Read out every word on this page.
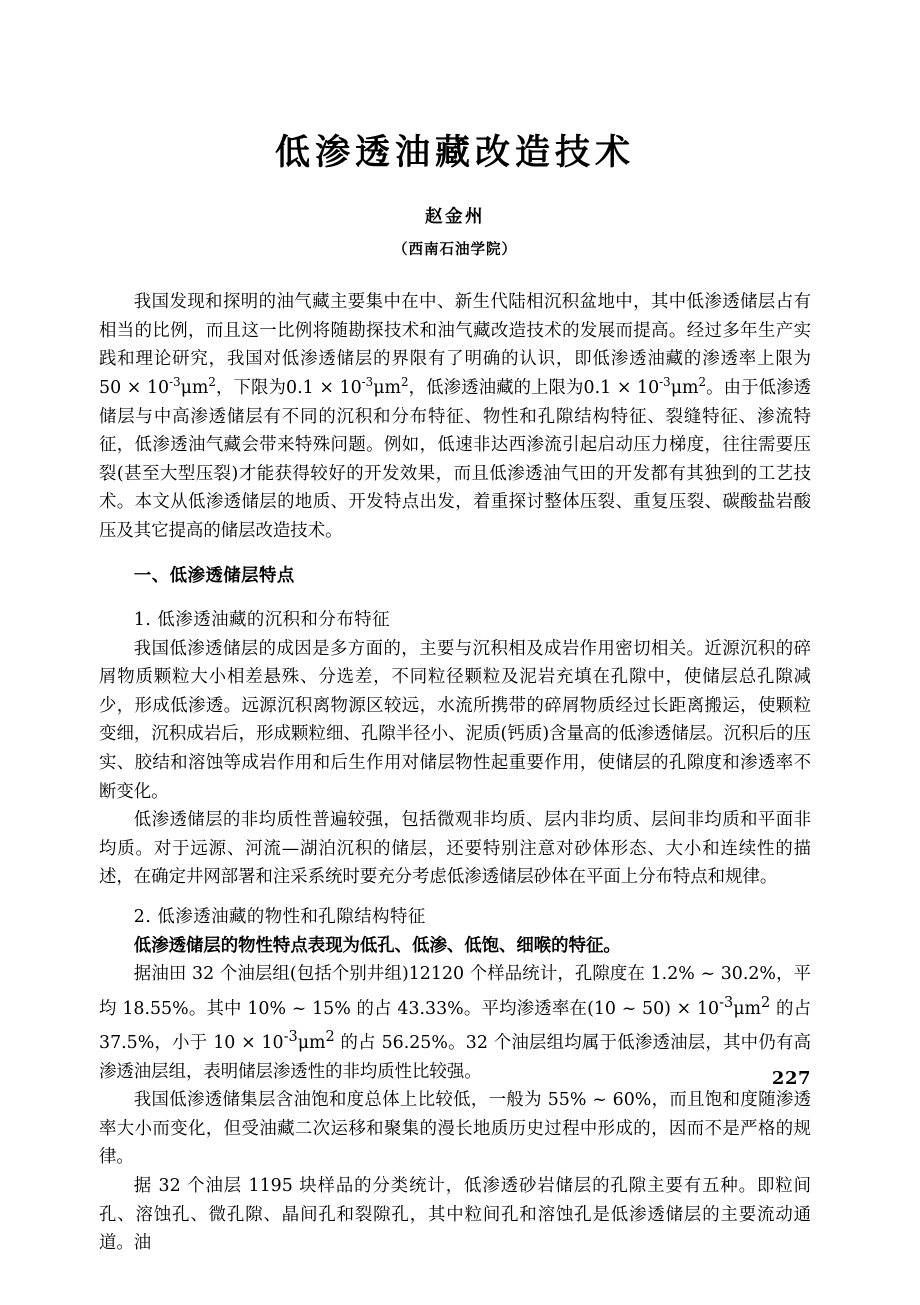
低渗透油藏改造技术
赵金州
（西南石油学院）

我国发现和探明的油气藏主要集中在中、新生代陆相沉积盆地中，其中低渗透储层占有相当的比例，而且这一比例将随勘探技术和油气藏改造技术的发展而提高。经过多年生产实践和理论研究，我国对低渗透储层的界限有了明确的认识，即低渗透油藏的渗透率上限为$50 \times 10^{-3}\mu m^2$，下限为$0.1 \times 10^{-3}\mu m^2$，低渗透油藏的上限为$0.1 \times 10^{-3}\mu m^2$。由于低渗透储层与中高渗透储层有不同的沉积和分布特征、物性和孔隙结构特征、裂缝特征、渗流特征，低渗透油气藏会带来特殊问题。例如，低速非达西渗流引起启动压力梯度，往往需要压裂(甚至大型压裂)才能获得较好的开发效果，而且低渗透油气田的开发都有其独到的工艺技术。本文从低渗透储层的地质、开发特点出发，着重探讨整体压裂、重复压裂、碳酸盐岩酸压及其它提高的储层改造技术。

一、低渗透储层特点

1. 低渗透油藏的沉积和分布特征

我国低渗透储层的成因是多方面的，主要与沉积相及成岩作用密切相关。近源沉积的碎屑物质颗粒大小相差悬殊、分选差，不同粒径颗粒及泥岩充填在孔隙中，使储层总孔隙减少，形成低渗透。远源沉积离物源区较远，水流所携带的碎屑物质经过长距离搬运，使颗粒变细，沉积成岩后，形成颗粒细、孔隙半径小、泥质(钙质)含量高的低渗透储层。沉积后的压实、胶结和溶蚀等成岩作用和后生作用对储层物性起重要作用，使储层的孔隙度和渗透率不断变化。

低渗透储层的非均质性普遍较强，包括微观非均质、层内非均质、层间非均质和平面非均质。对于远源、河流—湖泊沉积的储层，还要特别注意对砂体形态、大小和连续性的描述，在确定井网部署和注采系统时要充分考虑低渗透储层砂体在平面上分布特点和规律。

2. 低渗透油藏的物性和孔隙结构特征

低渗透储层的物性特点表现为低孔、低渗、低饱、细喉的特征。

据油田 32 个油层组(包括个别井组)12120 个样品统计，孔隙度在 1.2% ~ 30.2%，平均 18.55%。其中 10% ~ 15% 的占 43.33%。平均渗透率在(10 ~ $50) \times 10^{-3}\mu m^2$ 的占 37.5%，小于 $10 \times 10^{-3}\mu m^2$ 的占 56.25%。32 个油层组均属于低渗透油层，其中仍有高渗透油层组，表明储层渗透性的非均质性比较强。

我国低渗透储集层含油饱和度总体上比较低，一般为 55% ~ 60%，而且饱和度随渗透率大小而变化，但受油藏二次运移和聚集的漫长地质历史过程中形成的，因而不是严格的规律。

据 32 个油层 1195 块样品的分类统计，低渗透砂岩储层的孔隙主要有五种。即粒间孔、溶蚀孔、微孔隙、晶间孔和裂隙孔，其中粒间孔和溶蚀孔是低渗透储层的主要流动通道。油

227
